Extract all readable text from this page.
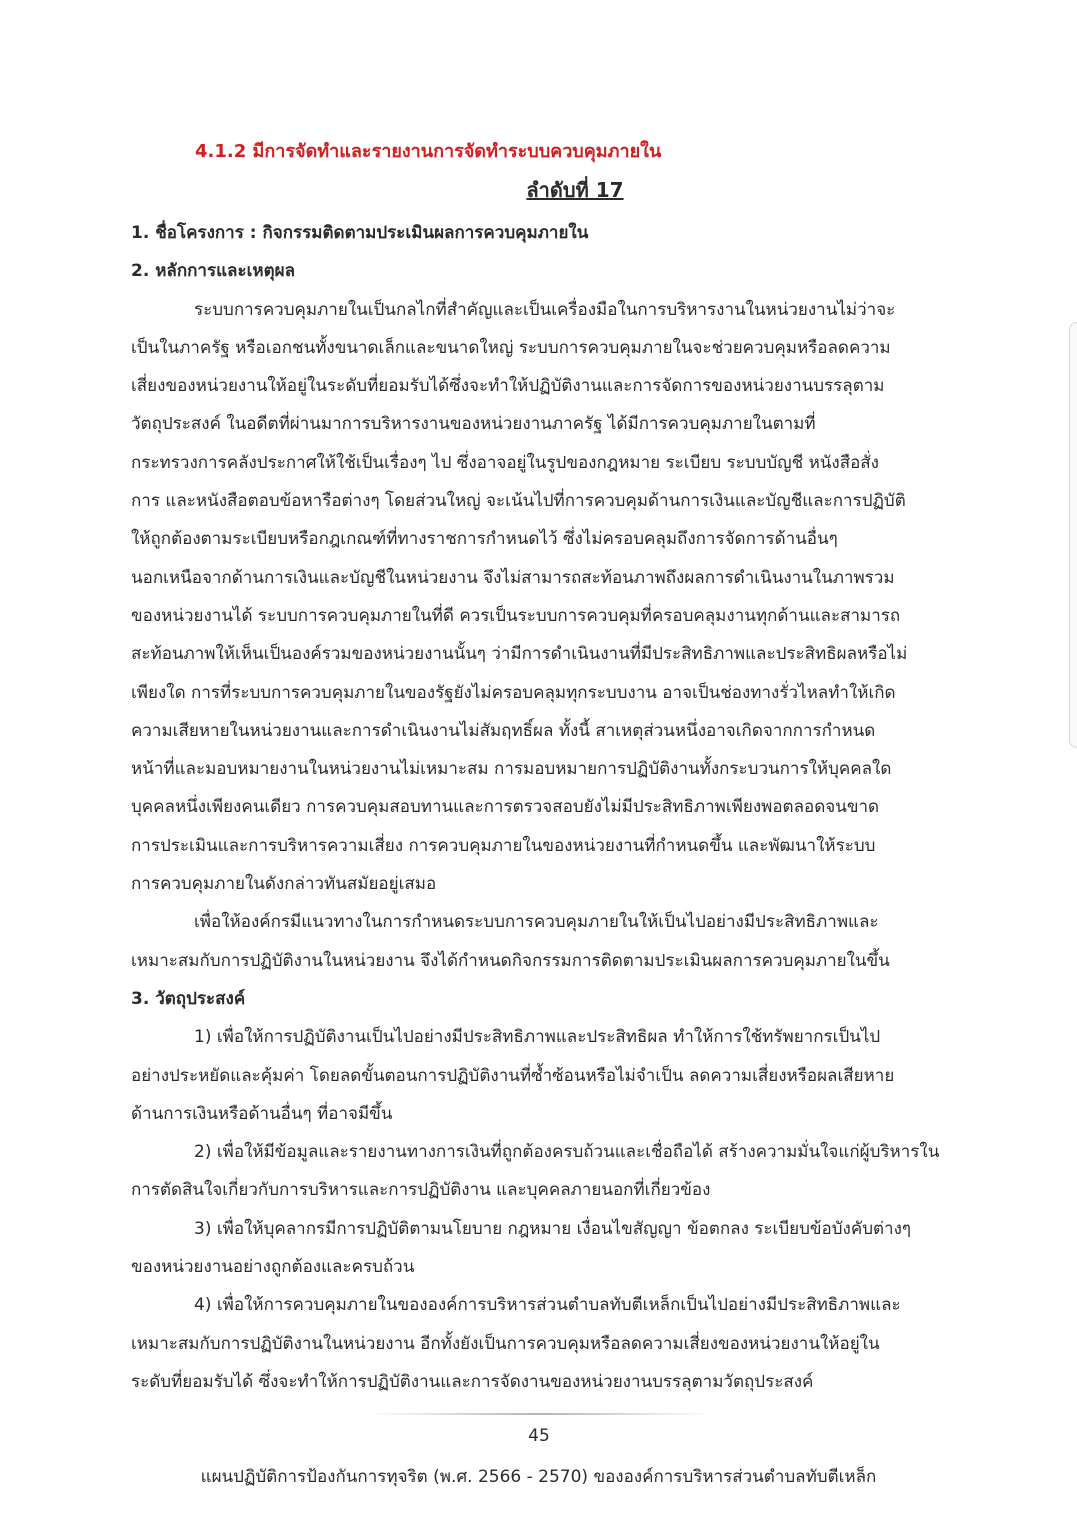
4.1.2 มีการจัดทำและรายงานการจัดทำระบบควบคุมภายใน
ลำดับที่ 17
1. ชื่อโครงการ : กิจกรรมติดตามประเมินผลการควบคุมภายใน
2. หลักการและเหตุผล
ระบบการควบคุมภายในเป็นกลไกที่สำคัญและเป็นเครื่องมือในการบริหารงานในหน่วยงานไม่ว่าจะ
เป็นในภาครัฐ หรือเอกชนทั้งขนาดเล็กและขนาดใหญ่ ระบบการควบคุมภายในจะช่วยควบคุมหรือลดความ
เสี่ยงของหน่วยงานให้อยู่ในระดับที่ยอมรับได้ซึ่งจะทำให้ปฏิบัติงานและการจัดการของหน่วยงานบรรลุตาม
วัตถุประสงค์ ในอดีตที่ผ่านมาการบริหารงานของหน่วยงานภาครัฐ ได้มีการควบคุมภายในตามที่
กระทรวงการคลังประกาศให้ใช้เป็นเรื่องๆ ไป ซึ่งอาจอยู่ในรูปของกฎหมาย ระเบียบ ระบบบัญชี หนังสือสั่ง
การ และหนังสือตอบข้อหารือต่างๆ โดยส่วนใหญ่ จะเน้นไปที่การควบคุมด้านการเงินและบัญชีและการปฏิบัติ
ให้ถูกต้องตามระเบียบหรือกฎเกณฑ์ที่ทางราชการกำหนดไว้ ซึ่งไม่ครอบคลุมถึงการจัดการด้านอื่นๆ
นอกเหนือจากด้านการเงินและบัญชีในหน่วยงาน จึงไม่สามารถสะท้อนภาพถึงผลการดำเนินงานในภาพรวม
ของหน่วยงานได้ ระบบการควบคุมภายในที่ดี ควรเป็นระบบการควบคุมที่ครอบคลุมงานทุกด้านและสามารถ
สะท้อนภาพให้เห็นเป็นองค์รวมของหน่วยงานนั้นๆ ว่ามีการดำเนินงานที่มีประสิทธิภาพและประสิทธิผลหรือไม่
เพียงใด การที่ระบบการควบคุมภายในของรัฐยังไม่ครอบคลุมทุกระบบงาน อาจเป็นช่องทางรั่วไหลทำให้เกิด
ความเสียหายในหน่วยงานและการดำเนินงานไม่สัมฤทธิ์ผล ทั้งนี้ สาเหตุส่วนหนึ่งอาจเกิดจากการกำหนด
หน้าที่และมอบหมายงานในหน่วยงานไม่เหมาะสม การมอบหมายการปฏิบัติงานทั้งกระบวนการให้บุคคลใด
บุคคลหนึ่งเพียงคนเดียว การควบคุมสอบทานและการตรวจสอบยังไม่มีประสิทธิภาพเพียงพอตลอดจนขาด
การประเมินและการบริหารความเสี่ยง การควบคุมภายในของหน่วยงานที่กำหนดขึ้น และพัฒนาให้ระบบ
การควบคุมภายในดังกล่าวทันสมัยอยู่เสมอ
เพื่อให้องค์กรมีแนวทางในการกำหนดระบบการควบคุมภายในให้เป็นไปอย่างมีประสิทธิภาพและ
เหมาะสมกับการปฏิบัติงานในหน่วยงาน จึงได้กำหนดกิจกรรมการติดตามประเมินผลการควบคุมภายในขึ้น
3. วัตถุประสงค์
1) เพื่อให้การปฏิบัติงานเป็นไปอย่างมีประสิทธิภาพและประสิทธิผล ทำให้การใช้ทรัพยากรเป็นไป
อย่างประหยัดและคุ้มค่า โดยลดขั้นตอนการปฏิบัติงานที่ซ้ำซ้อนหรือไม่จำเป็น ลดความเสี่ยงหรือผลเสียหาย
ด้านการเงินหรือด้านอื่นๆ ที่อาจมีขึ้น
2) เพื่อให้มีข้อมูลและรายงานทางการเงินที่ถูกต้องครบถ้วนและเชื่อถือได้ สร้างความมั่นใจแก่ผู้บริหารใน
การตัดสินใจเกี่ยวกับการบริหารและการปฏิบัติงาน และบุคคลภายนอกที่เกี่ยวข้อง
3) เพื่อให้บุคลากรมีการปฏิบัติตามนโยบาย กฎหมาย เงื่อนไขสัญญา ข้อตกลง ระเบียบข้อบังคับต่างๆ
ของหน่วยงานอย่างถูกต้องและครบถ้วน
4) เพื่อให้การควบคุมภายในขององค์การบริหารส่วนตำบลทับตีเหล็กเป็นไปอย่างมีประสิทธิภาพและ
เหมาะสมกับการปฏิบัติงานในหน่วยงาน อีกทั้งยังเป็นการควบคุมหรือลดความเสี่ยงของหน่วยงานให้อยู่ใน
ระดับที่ยอมรับได้ ซึ่งจะทำให้การปฏิบัติงานและการจัดงานของหน่วยงานบรรลุตามวัตถุประสงค์
45
แผนปฏิบัติการป้องกันการทุจริต (พ.ศ. 2566 - 2570) ขององค์การบริหารส่วนตำบลทับตีเหล็ก
